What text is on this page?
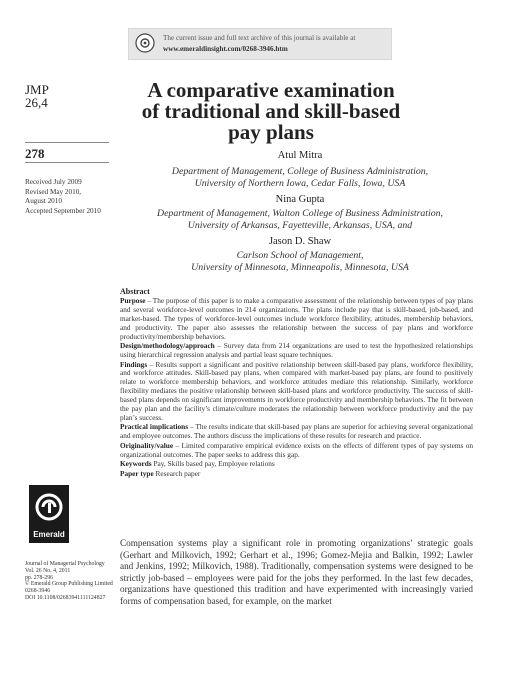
The current issue and full text archive of this journal is available at
www.emeraldinsight.com/0268-3946.htm
JMP
26,4
278
Received July 2009
Revised May 2010,
August 2010
Accepted September 2010
A comparative examination
of traditional and skill-based
pay plans
Atul Mitra
Department of Management, College of Business Administration,
University of Northern Iowa, Cedar Falls, Iowa, USA
Nina Gupta
Department of Management, Walton College of Business Administration,
University of Arkansas, Fayetteville, Arkansas, USA, and
Jason D. Shaw
Carlson School of Management,
University of Minnesota, Minneapolis, Minnesota, USA
Abstract

Purpose – The purpose of this paper is to make a comparative assessment of the relationship between types of pay plans and several workforce-level outcomes in 214 organizations. The plans include pay that is skill-based, job-based, and market-based. The types of workforce-level outcomes include workforce flexibility, attitudes, membership behaviors, and productivity. The paper also assesses the relationship between the success of pay plans and workforce productivity/membership behaviors.

Design/methodology/approach – Survey data from 214 organizations are used to test the hypothesized relationships using hierarchical regression analysis and partial least square techniques.

Findings – Results support a significant and positive relationship between skill-based pay plans, workforce flexibility, and workforce attitudes. Skill-based pay plans, when compared with market-based pay plans, are found to positively relate to workforce membership behaviors, and workforce attitudes mediate this relationship. Similarly, workforce flexibility mediates the positive relationship between skill-based plans and workforce productivity. The success of skill-based plans depends on significant improvements in workforce productivity and membership behaviors. The fit between the pay plan and the facility’s climate/culture moderates the relationship between workforce productivity and the pay plan’s success.

Practical implications – The results indicate that skill-based pay plans are superior for achieving several organizational and employee outcomes. The authors discuss the implications of these results for research and practice.

Originality/value – Limited comparative empirical evidence exists on the effects of different types of pay systems on organizational outcomes. The paper seeks to address this gap.

Keywords Pay, Skills based pay, Employee relations

Paper type Research paper

Emerald
Journal of Managerial Psychology
Vol. 26 No. 4, 2011
pp. 278-296
© Emerald Group Publishing Limited
0268-3946
DOI 10.1108/02683941111124827
Compensation systems play a significant role in promoting organizations’ strategic goals (Gerhart and Milkovich, 1992; Gerhart et al., 1996; Gomez-Mejia and Balkin, 1992; Lawler and Jenkins, 1992; Milkovich, 1988). Traditionally, compensation systems were designed to be strictly job-based – employees were paid for the jobs they performed. In the last few decades, organizations have questioned this tradition and have experimented with increasingly varied forms of compensation based, for example, on the market
